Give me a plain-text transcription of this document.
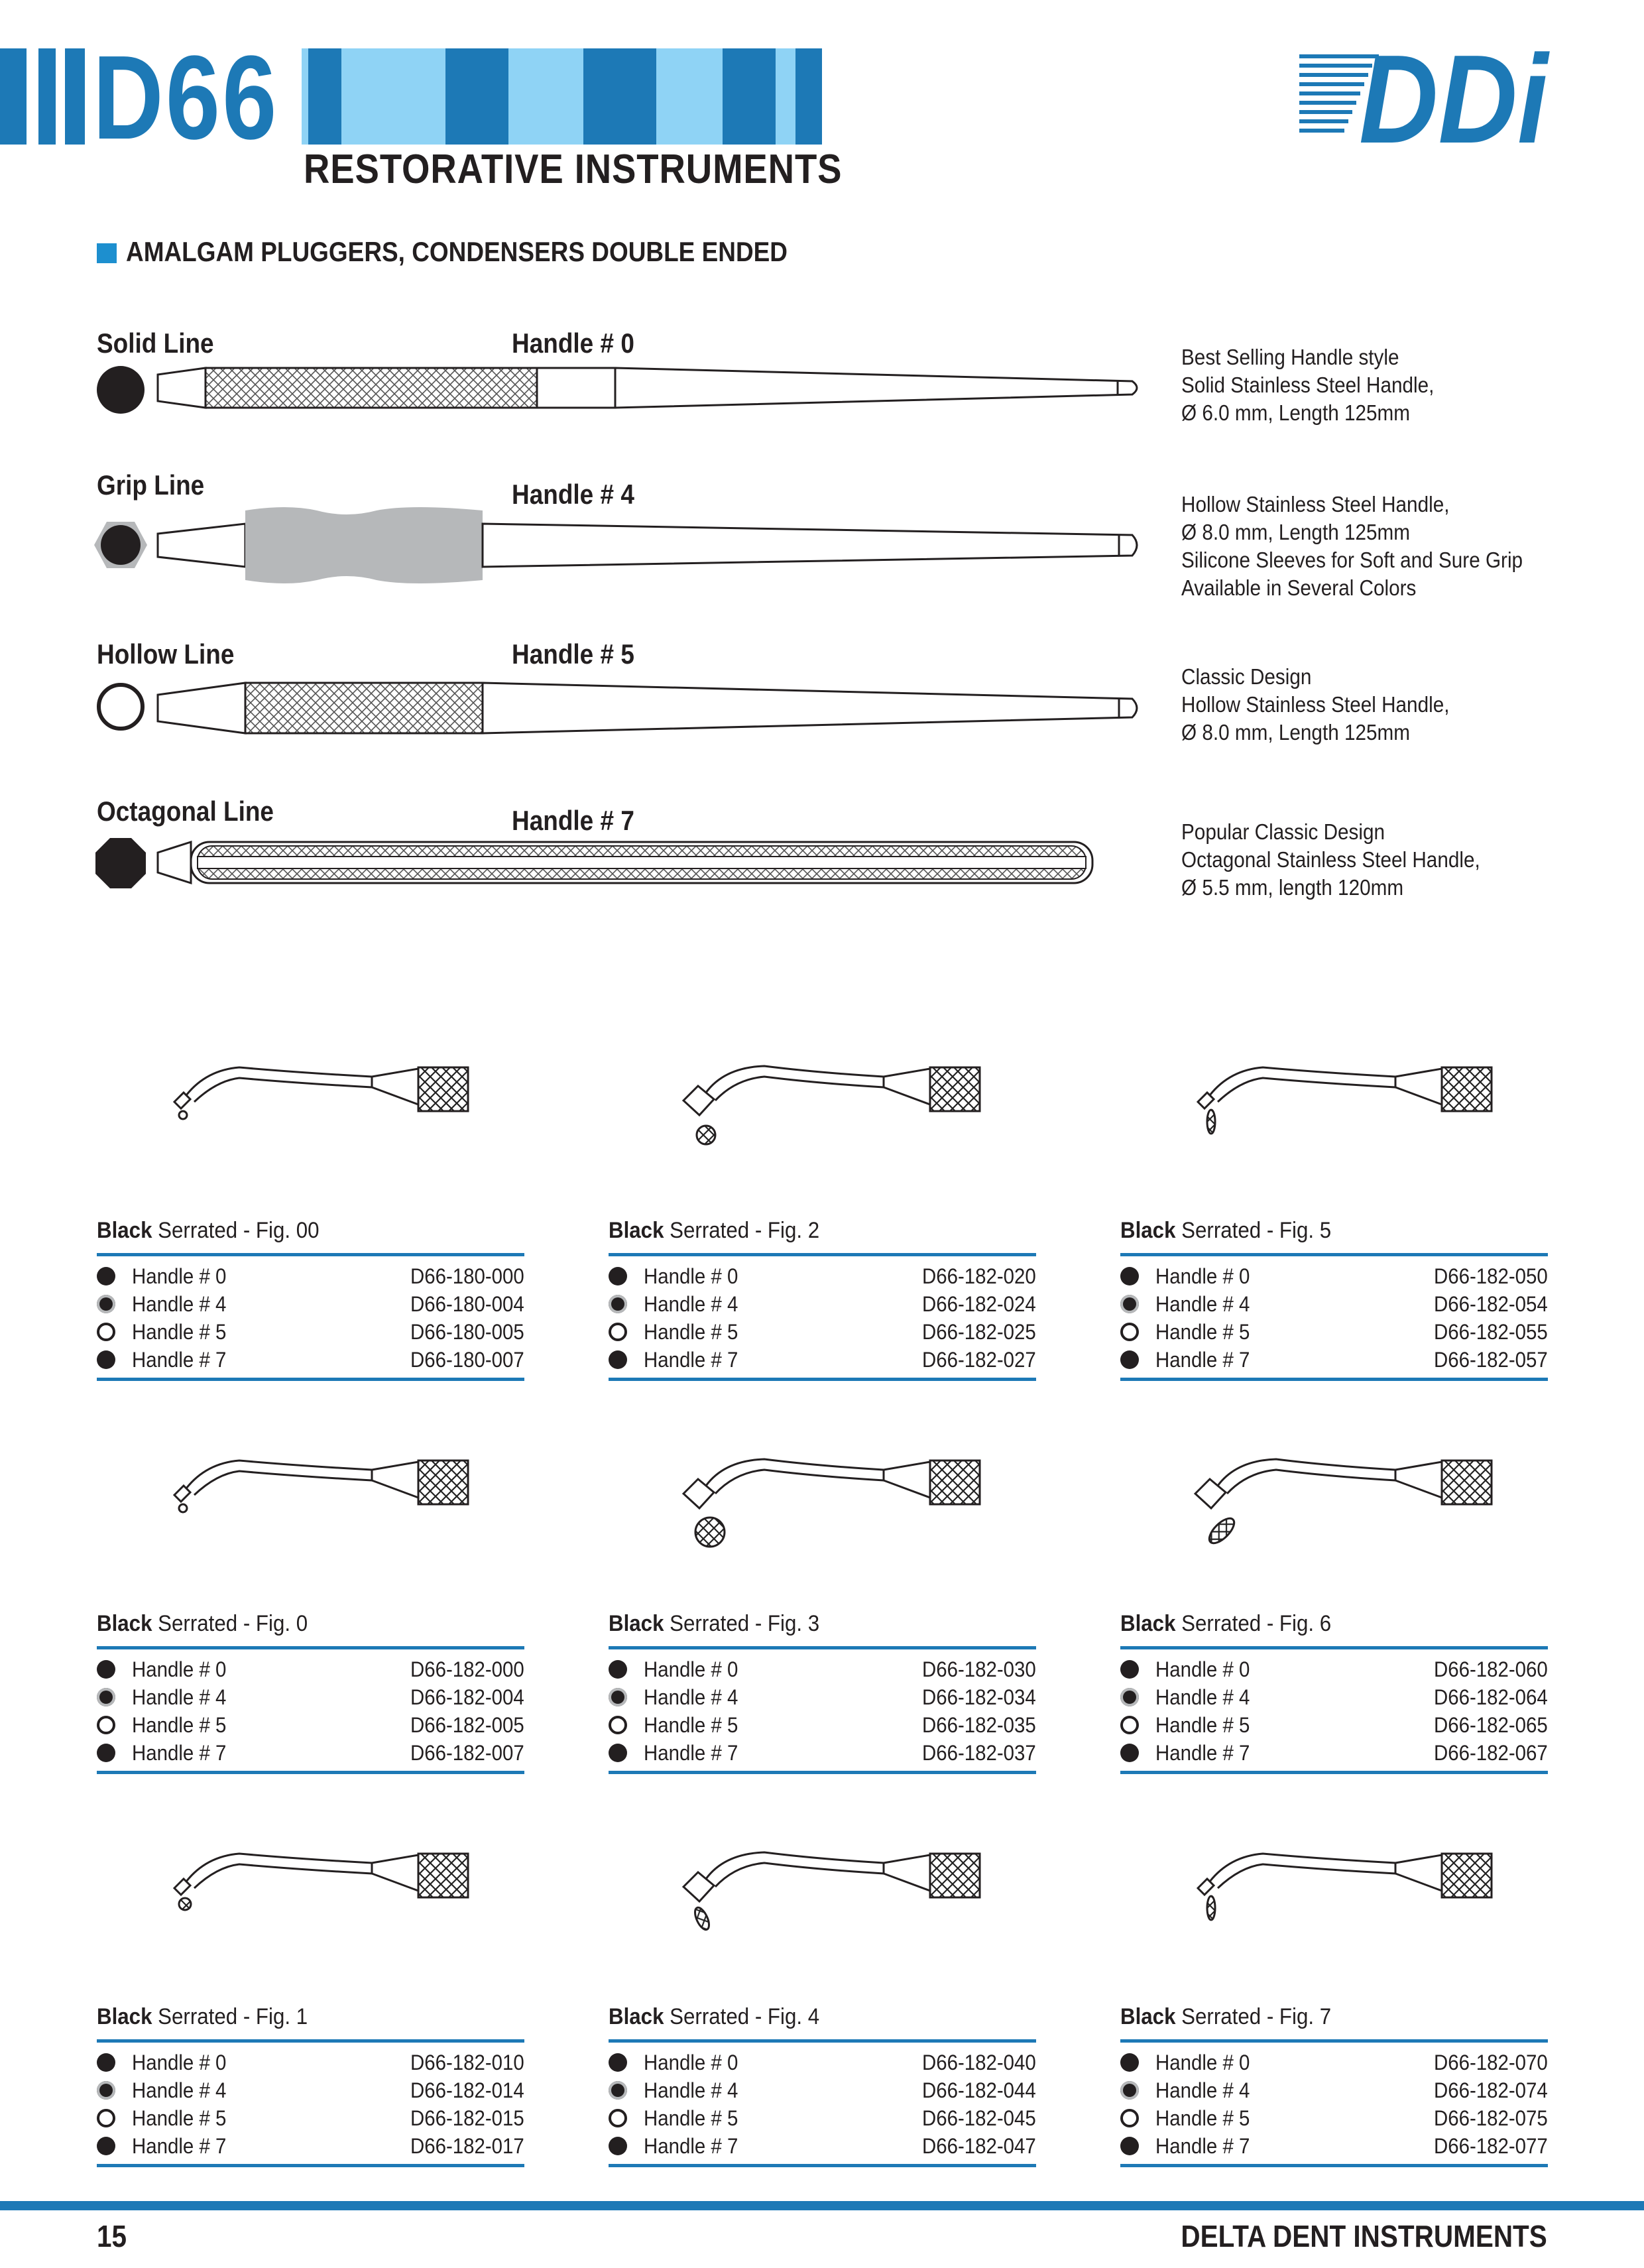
D66
RESTORATIVE INSTRUMENTS	DDi
AMALGAM PLUGGERS, CONDENSERS DOUBLE ENDED
Solid Line	Handle # 0	Best Selling Handle style
Solid Stainless Steel Handle,
Ø 6.0 mm, Length 125mm
Grip Line	Handle # 4	Hollow Stainless Steel Handle,
Ø 8.0 mm, Length 125mm
Silicone Sleeves for Soft and Sure Grip
Available in Several Colors
Hollow Line	Handle # 5
Classic Design
Hollow Stainless Steel Handle,
Ø 8.0 mm, Length 125mm
Octagonal Line	Handle # 7	Popular Classic Design
Octagonal Stainless Steel Handle,
Ø 5.5 mm, length 120mm
Black Serrated - Fig. 00
Handle # 0	D66-180-000
Handle # 4	D66-180-004
Handle # 5	D66-180-005
Handle # 7	D66-180-007
Black Serrated - Fig. 2
Handle # 0	D66-182-020
Handle # 4	D66-182-024
Handle # 5	D66-182-025
Handle # 7	D66-182-027
Black Serrated - Fig. 5
Handle # 0	D66-182-050
Handle # 4	D66-182-054
Handle # 5	D66-182-055
Handle # 7	D66-182-057
Black Serrated - Fig. 0
Handle # 0	D66-182-000
Handle # 4	D66-182-004
Handle # 5	D66-182-005
Handle # 7	D66-182-007
Black Serrated - Fig. 3
Handle # 0	D66-182-030
Handle # 4	D66-182-034
Handle # 5	D66-182-035
Handle # 7	D66-182-037
Black Serrated - Fig. 6
Handle # 0	D66-182-060
Handle # 4	D66-182-064
Handle # 5	D66-182-065
Handle # 7	D66-182-067
Black Serrated - Fig. 1
Handle # 0	D66-182-010
Handle # 4	D66-182-014
Handle # 5	D66-182-015
Handle # 7	D66-182-017
Black Serrated - Fig. 4
Handle # 0	D66-182-040
Handle # 4	D66-182-044
Handle # 5	D66-182-045
Handle # 7	D66-182-047
Black Serrated - Fig. 7
Handle # 0	D66-182-070
Handle # 4	D66-182-074
Handle # 5	D66-182-075
Handle # 7	D66-182-077
15	DELTA DENT INSTRUMENTS
